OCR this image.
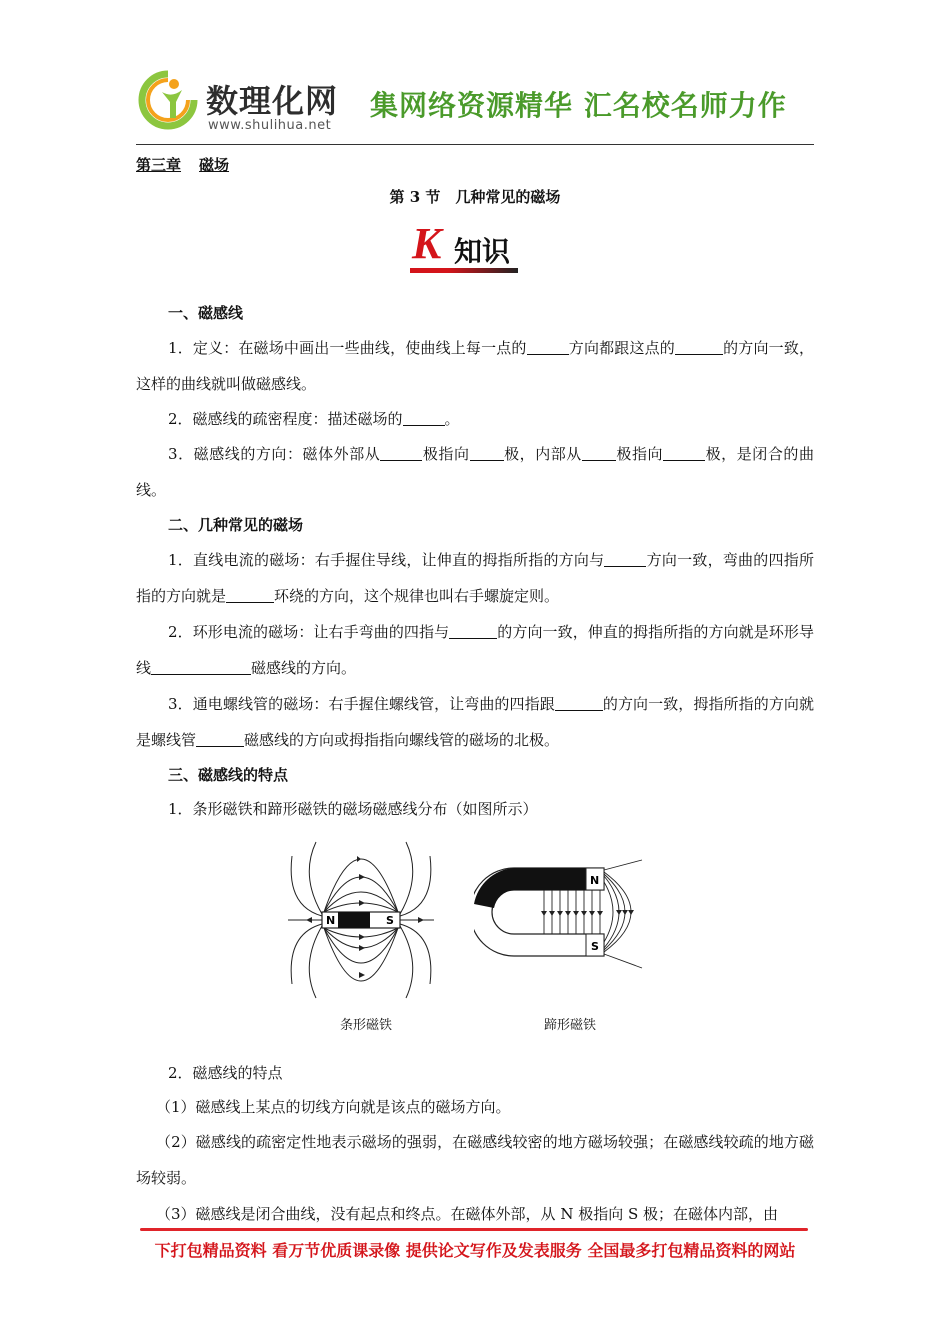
数理化网
www.shulihua.net
集网络资源精华 汇名校名师力作
第三章 磁场
第 3 节　几种常见的磁场
K 知识

一、磁感线

1．定义：在磁场中画出一些曲线，使曲线上每一点的	方向都跟这点的	的方向一致，这样的曲线就叫做磁感线。

2．磁感线的疏密程度：描述磁场的	。

3．磁感线的方向：磁体外部从	极指向 极，内部从 极指向	极，是闭合的曲线。

二、几种常见的磁场

1．直线电流的磁场：右手握住导线，让伸直的拇指所指的方向与	方向一致，弯曲的四指所指的方向就是	环绕的方向，这个规律也叫右手螺旋定则。

2．环形电流的磁场：让右手弯曲的四指与	的方向一致，伸直的拇指所指的方向就是环形导线	磁感线的方向。

3．通电螺线管的磁场：右手握住螺线管，让弯曲的四指跟	的方向一致，拇指所指的方向就是螺线管	磁感线的方向或拇指指向螺线管的磁场的北极。

三、磁感线的特点

1．条形磁铁和蹄形磁铁的磁场磁感线分布（如图所示）

N	S
条形磁铁
N
S
蹄形磁铁

2．磁感线的特点

（1）磁感线上某点的切线方向就是该点的磁场方向。

（2）磁感线的疏密定性地表示磁场的强弱，在磁感线较密的地方磁场较强；在磁感线较疏的地方磁场较弱。

（3）磁感线是闭合曲线，没有起点和终点。在磁体外部，从 N 极指向 S 极；在磁体内部，由

下打包精品资料 看万节优质课录像 提供论文写作及发表服务 全国最多打包精品资料的网站
